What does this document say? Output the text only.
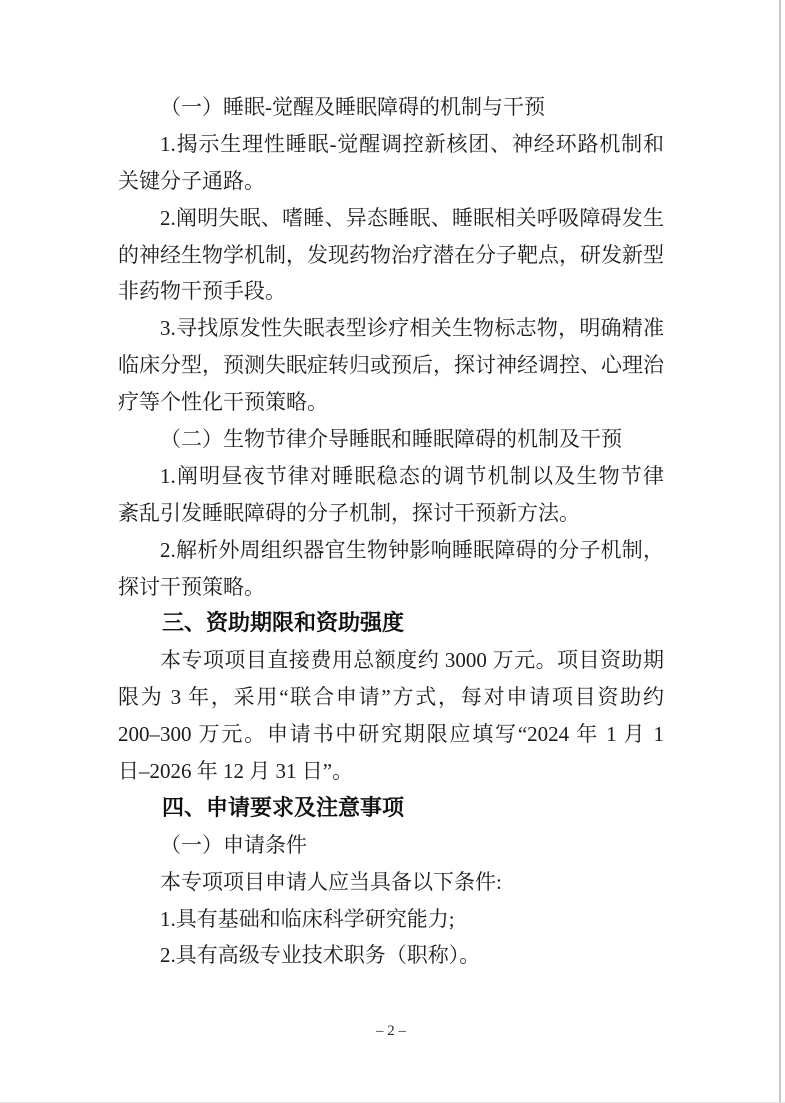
（一）睡眠-觉醒及睡眠障碍的机制与干预
1.揭示生理性睡眠-觉醒调控新核团、神经环路机制和
关键分子通路。
2.阐明失眠、嗜睡、异态睡眠、睡眠相关呼吸障碍发生
的神经生物学机制，发现药物治疗潜在分子靶点，研发新型
非药物干预手段。
3.寻找原发性失眠表型诊疗相关生物标志物，明确精准
临床分型，预测失眠症转归或预后，探讨神经调控、心理治
疗等个性化干预策略。
（二）生物节律介导睡眠和睡眠障碍的机制及干预
1.阐明昼夜节律对睡眠稳态的调节机制以及生物节律
紊乱引发睡眠障碍的分子机制，探讨干预新方法。
2.解析外周组织器官生物钟影响睡眠障碍的分子机制，
探讨干预策略。
三、资助期限和资助强度
本专项项目直接费用总额度约 3000 万元。项目资助期
限为 3 年，采用“联合申请”方式，每对申请项目资助约
200–300 万元。申请书中研究期限应填写“2024 年 1 月 1
日–2026 年 12 月 31 日”。
四、申请要求及注意事项
（一）申请条件
本专项项目申请人应当具备以下条件:
1.具有基础和临床科学研究能力;
2.具有高级专业技术职务（职称）。
– 2 –
